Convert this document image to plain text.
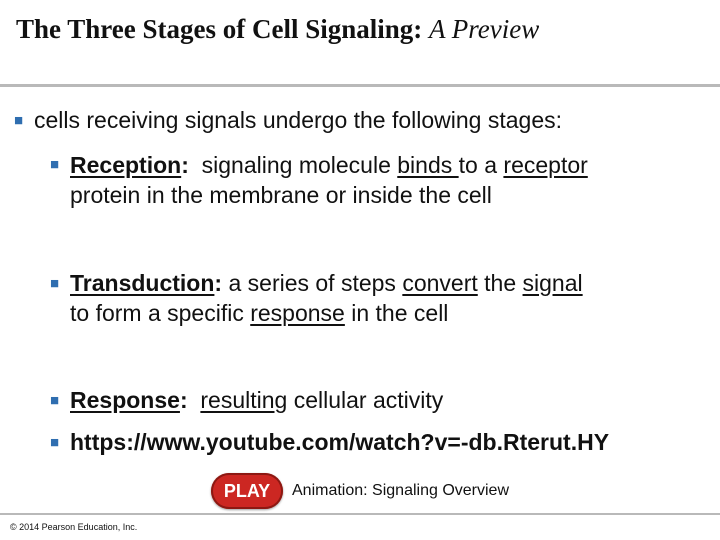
The Three Stages of Cell Signaling: A Preview
■ cells receiving signals undergo the following stages:
■ Reception:  signaling molecule binds to a receptor
protein in the membrane or inside the cell
■ Transduction: a series of steps convert the signal
to form a specific response in the cell
■ Response: resulting cellular activity
■ https://www.youtube.com/watch?v=-db.Rterut.HY
PLAY	Animation: Signaling Overview
© 2014 Pearson Education, Inc.
